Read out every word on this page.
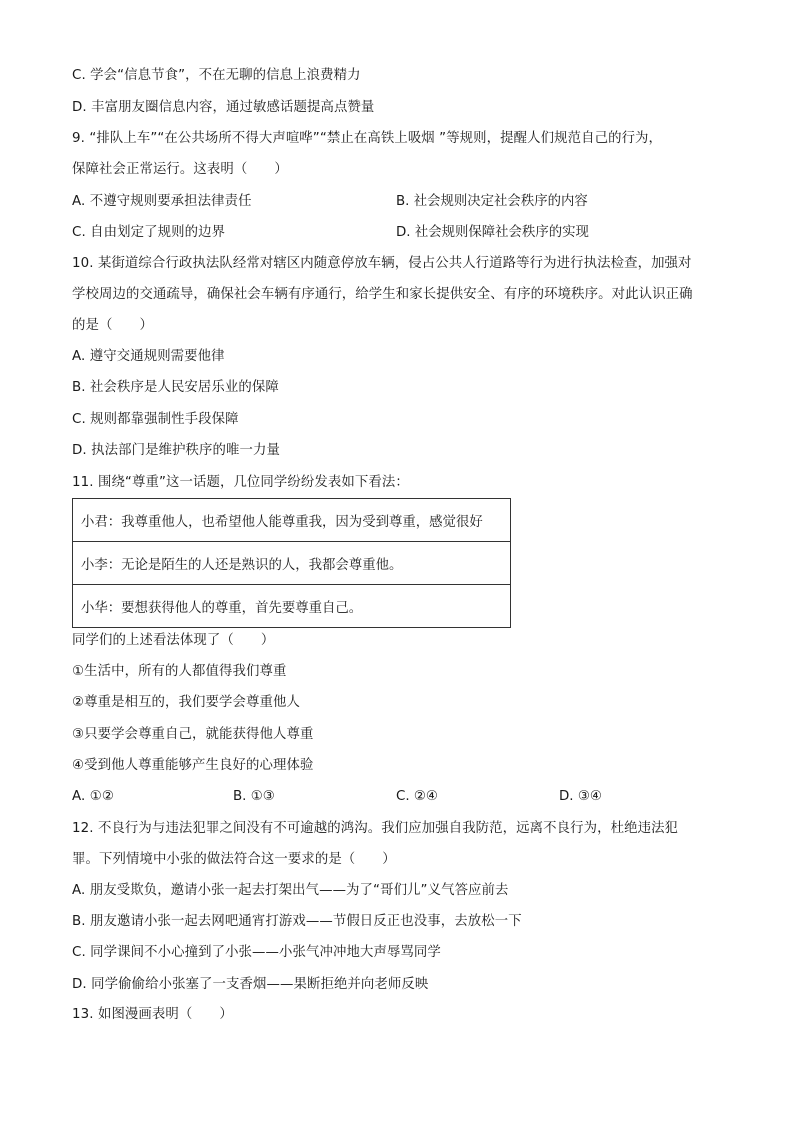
C. 学会“信息节食”，不在无聊的信息上浪费精力
D. 丰富朋友圈信息内容，通过敏感话题提高点赞量
9. “排队上车”“在公共场所不得大声喧哗”“禁止在高铁上吸烟 ”等规则，提醒人们规范自己的行为，
保障社会正常运行。这表明（　　）
A. 不遵守规则要承担法律责任	B. 社会规则决定社会秩序的内容
C. 自由划定了规则的边界	D. 社会规则保障社会秩序的实现
10. 某街道综合行政执法队经常对辖区内随意停放车辆，侵占公共人行道路等行为进行执法检查，加强对
学校周边的交通疏导，确保社会车辆有序通行，给学生和家长提供安全、有序的环境秩序。对此认识正确
的是（　　）
A. 遵守交通规则需要他律
B. 社会秩序是人民安居乐业的保障
C. 规则都靠强制性手段保障
D. 执法部门是维护秩序的唯一力量
11. 围绕“尊重”这一话题，几位同学纷纷发表如下看法：
小君：我尊重他人，也希望他人能尊重我，因为受到尊重，感觉很好
小李：无论是陌生的人还是熟识的人，我都会尊重他。
小华：要想获得他人的尊重，首先要尊重自己。
同学们的上述看法体现了（　　）
①生活中，所有的人都值得我们尊重
②尊重是相互的，我们要学会尊重他人
③只要学会尊重自己，就能获得他人尊重
④受到他人尊重能够产生良好的心理体验
A. ①②	B. ①③	C. ②④	D. ③④
12. 不良行为与违法犯罪之间没有不可逾越的鸿沟。我们应加强自我防范，远离不良行为，杜绝违法犯
罪。下列情境中小张的做法符合这一要求的是（　　）
A. 朋友受欺负，邀请小张一起去打架出气——为了“哥们儿”义气答应前去
B. 朋友邀请小张一起去网吧通宵打游戏——节假日反正也没事，去放松一下
C. 同学课间不小心撞到了小张——小张气冲冲地大声辱骂同学
D. 同学偷偷给小张塞了一支香烟——果断拒绝并向老师反映
13. 如图漫画表明（　　）
